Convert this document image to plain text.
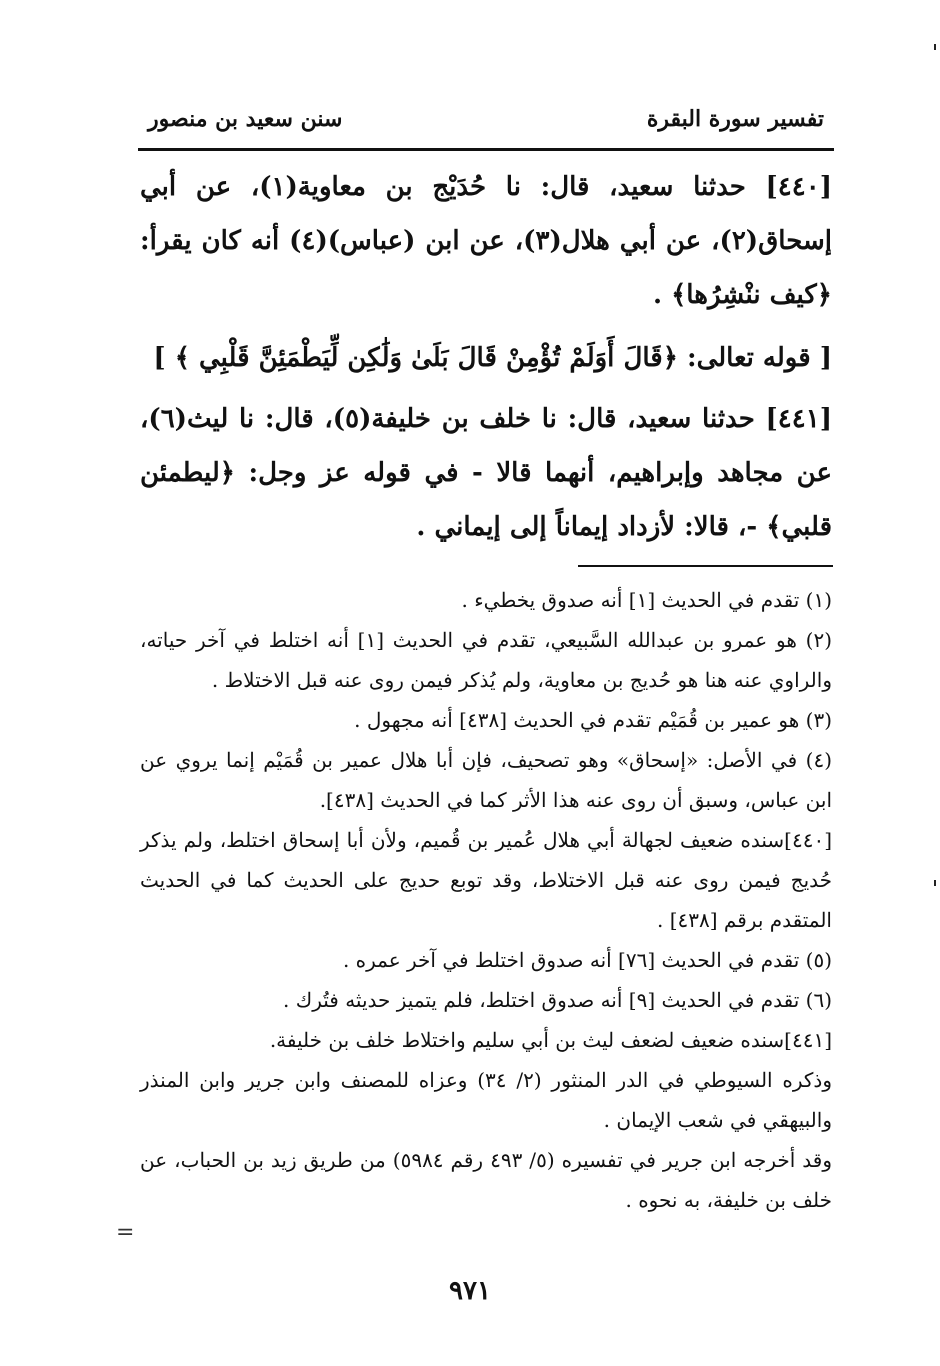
تفسير سورة البقرة
سنن سعيد بن منصور

[٤٤٠] حدثنا سعيد، قال: نا حُدَيْج بن معاوية(١)، عن أبي إسحاق(٢)، عن أبي هلال(٣)، عن ابن (عباس)(٤) أنه كان يقرأ: ﴿كيف ننْشِرُها﴾ .

[ قوله تعالى: ﴿قَالَ أَوَلَمْ تُؤْمِنْ قَالَ بَلَىٰ وَلَٰكِن لِّيَطْمَئِنَّ قَلْبِي ﴾ ]

[٤٤١] حدثنا سعيد، قال: نا خلف بن خليفة(٥)، قال: نا ليث(٦)، عن مجاهد وإبراهيم، أنهما قالا - في قوله عز وجل: ﴿ليطمئن قلبي﴾ -، قالا: لأزداد إيماناً إلى إيماني .

(١) تقدم في الحديث [١] أنه صدوق يخطيء .

(٢) هو عمرو بن عبدالله السَّبيعي، تقدم في الحديث [١] أنه اختلط في آخر حياته، والراوي عنه هنا هو حُديج بن معاوية، ولم يُذكر فيمن روى عنه قبل الاختلاط .

(٣) هو عمير بن قُمَيْم تقدم في الحديث [٤٣٨] أنه مجهول .

(٤) في الأصل: «إسحاق» وهو تصحيف، فإن أبا هلال عمير بن قُمَيْم إنما يروي عن ابن عباس، وسبق أن روى عنه هذا الأثر كما في الحديث [٤٣٨].

[٤٤٠]سنده ضعيف لجهالة أبي هلال عُمير بن قُميم، ولأن أبا إسحاق اختلط، ولم يذكر حُديج فيمن روى عنه قبل الاختلاط، وقد توبع حديج على الحديث كما في الحديث المتقدم برقم [٤٣٨] .

(٥) تقدم في الحديث [٧٦] أنه صدوق اختلط في آخر عمره .

(٦) تقدم في الحديث [٩] أنه صدوق اختلط، فلم يتميز حديثه فتُرك .

[٤٤١]سنده ضعيف لضعف ليث بن أبي سليم واختلاط خلف بن خليفة.

وذكره السيوطي في الدر المنثور (٢/ ٣٤) وعزاه للمصنف وابن جرير وابن المنذر والبيهقي في شعب الإيمان .

وقد أخرجه ابن جرير في تفسيره (٥/ ٤٩٣ رقم ٥٩٨٤) من طريق زيد بن الحباب، عن خلف بن خليفة، به نحوه .

=
٩٧١
